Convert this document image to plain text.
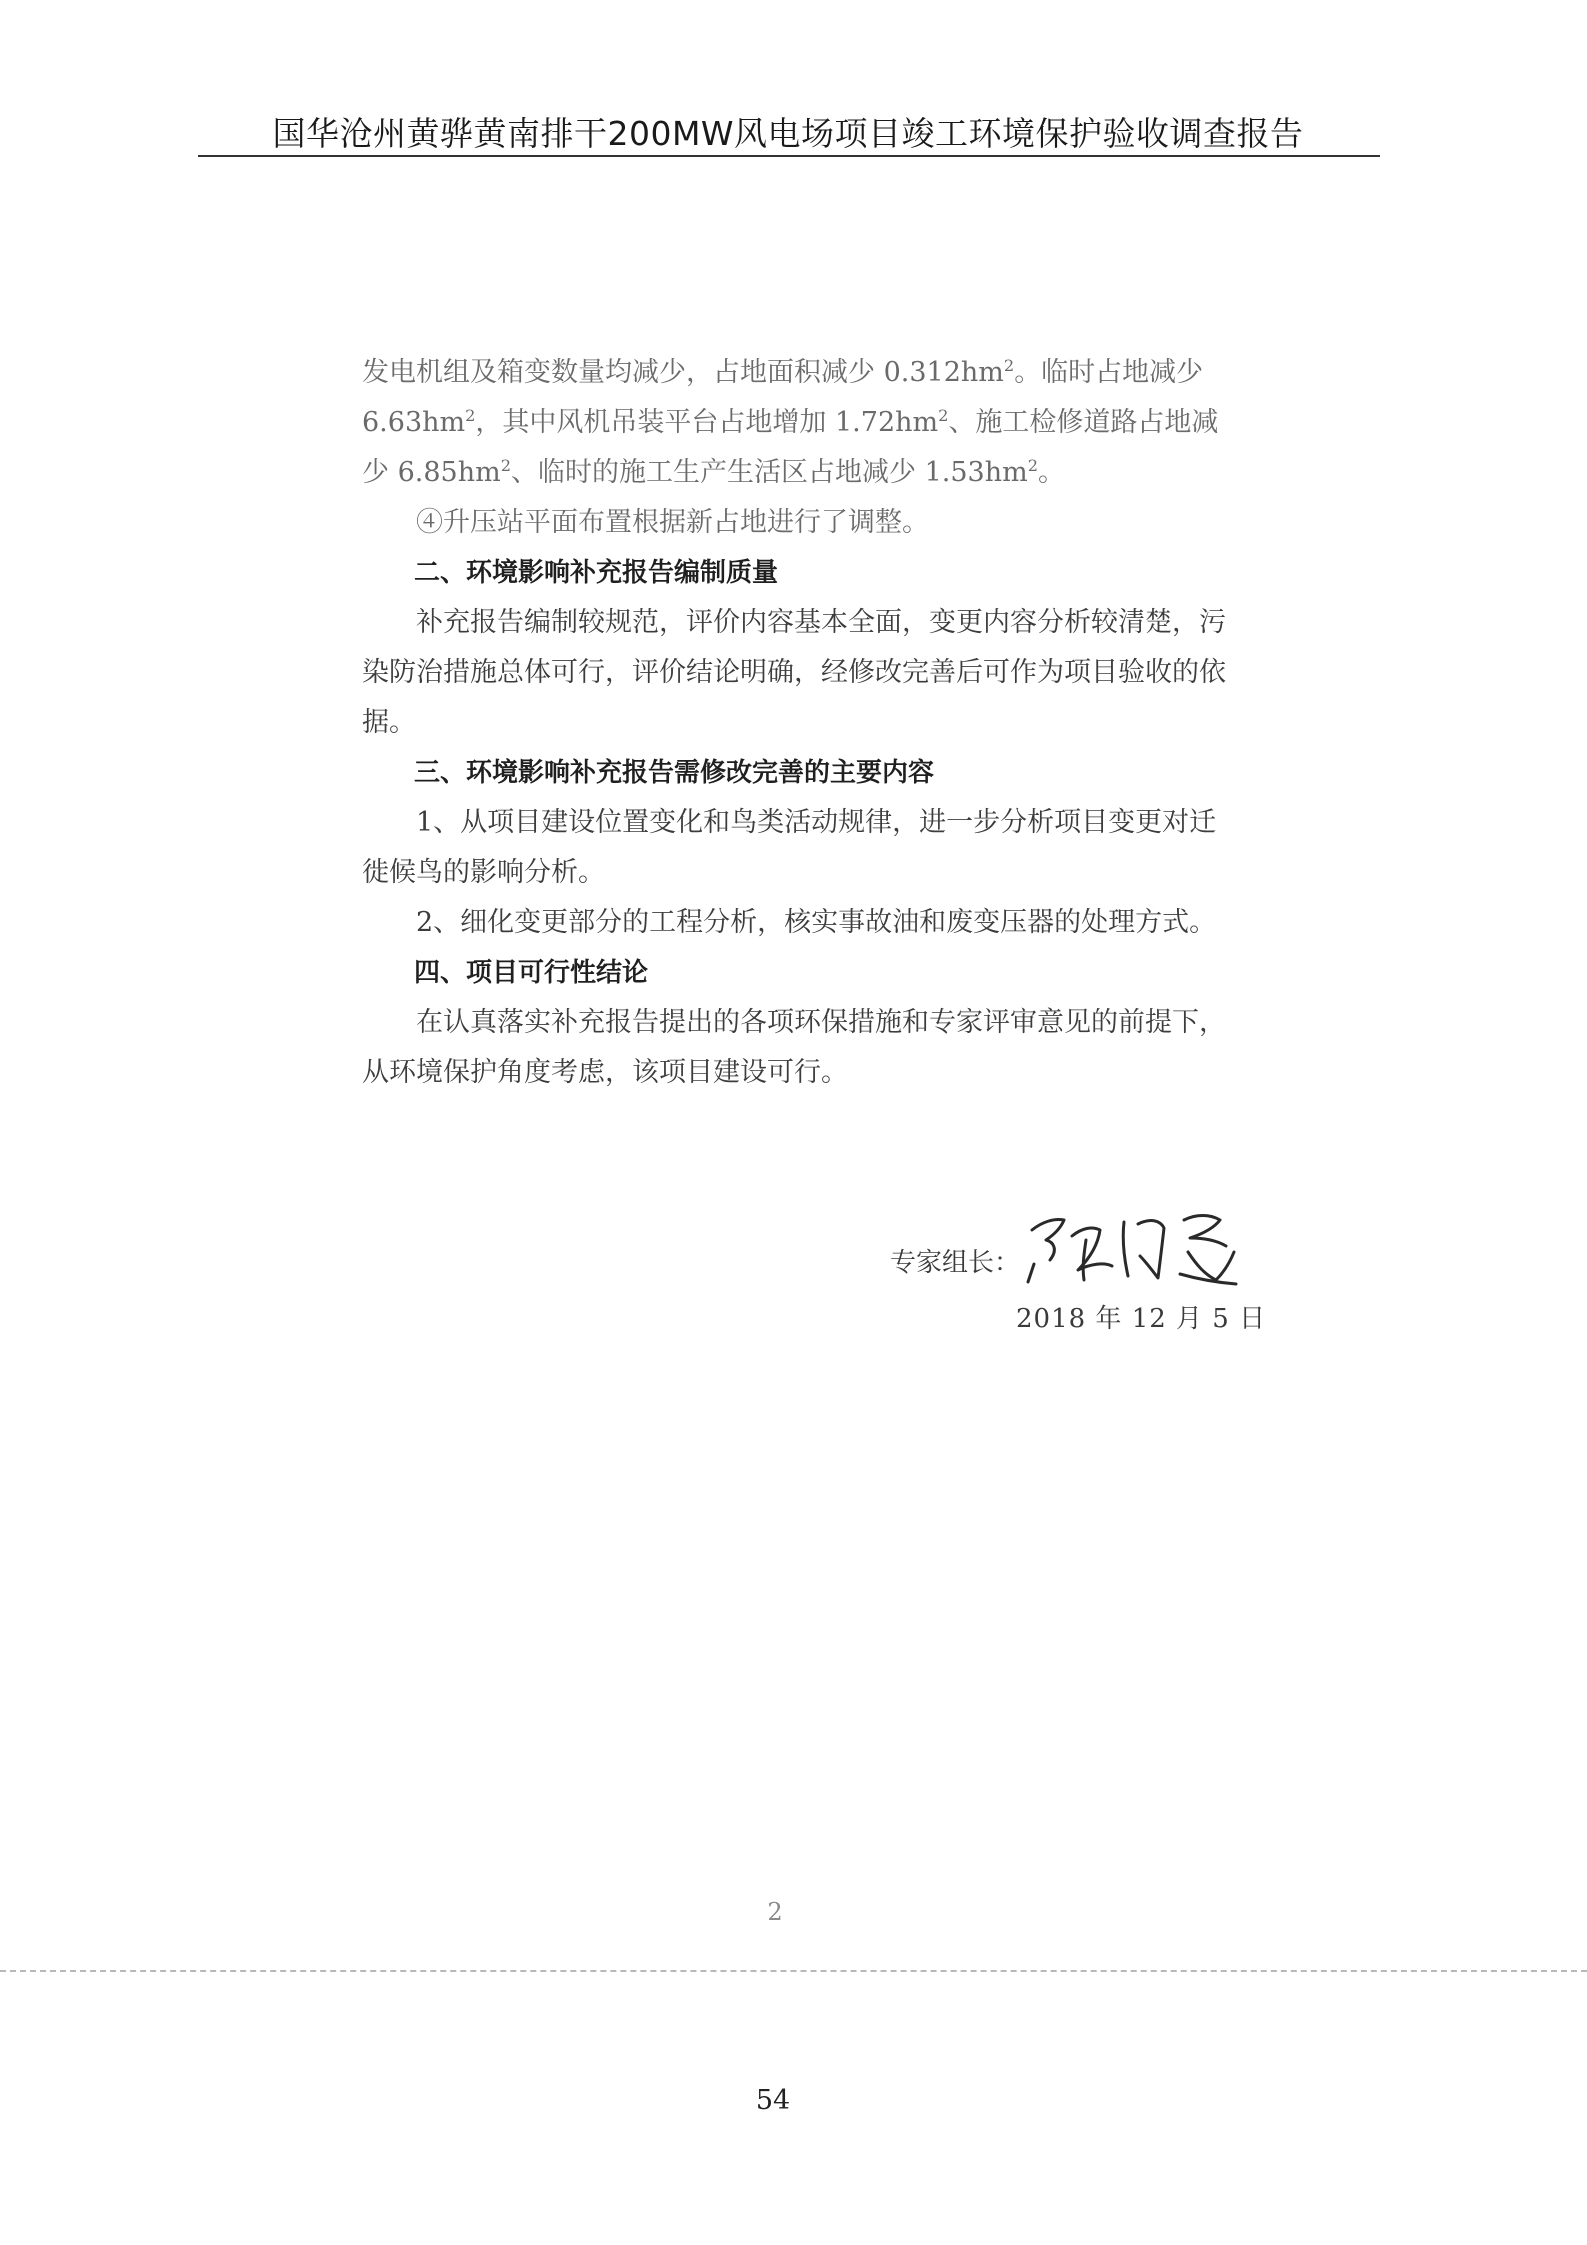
国华沧州黄骅黄南排干200MW风电场项目竣工环境保护验收调查报告

发电机组及箱变数量均减少，占地面积减少 $0.312hm^2$。临时占地减少 $6.63hm^2$，其中风机吊装平台占地增加 $1.72hm^2$、施工检修道路占地减少 $6.85hm^2$、临时的施工生产生活区占地减少 $1.53hm^2$。

④升压站平面布置根据新占地进行了调整。

二、环境影响补充报告编制质量

补充报告编制较规范，评价内容基本全面，变更内容分析较清楚，污染防治措施总体可行，评价结论明确，经修改完善后可作为项目验收的依据。

三、环境影响补充报告需修改完善的主要内容

1、从项目建设位置变化和鸟类活动规律，进一步分析项目变更对迁徙候鸟的影响分析。

2、细化变更部分的工程分析，核实事故油和废变压器的处理方式。

四、项目可行性结论

在认真落实补充报告提出的各项环保措施和专家评审意见的前提下，从环境保护角度考虑，该项目建设可行。

专家组长：
2018 年 12 月 5 日
2
54
